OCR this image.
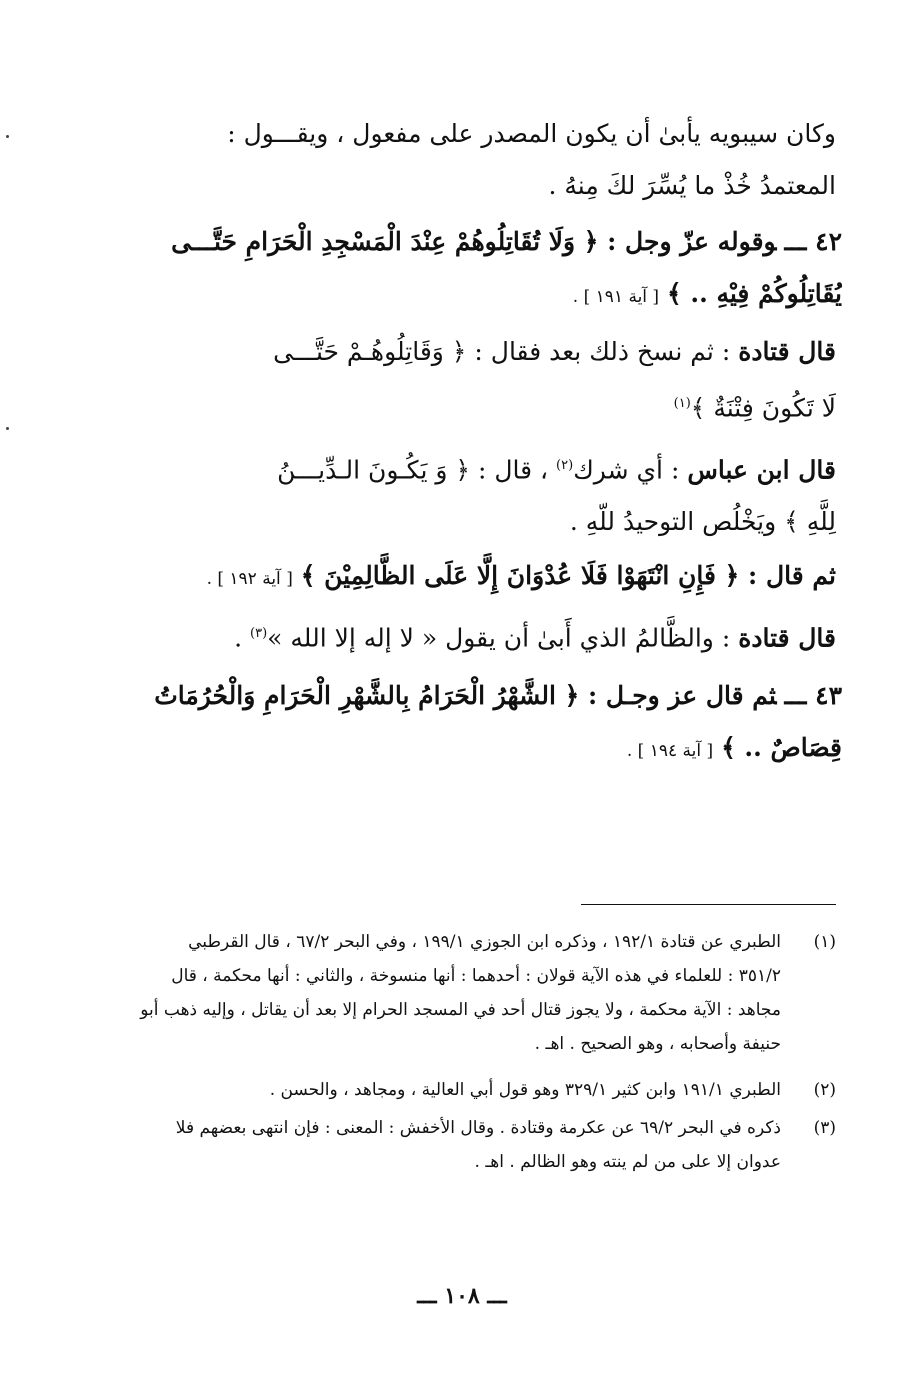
وكان سيبويه يأبىٰ أن يكون المصدر على مفعول ، ويقـــول :
المعتمدُ خُذْ ما يُسِّرَ لكَ مِنهُ .
٤٢ ـــوقوله عزّ وجل : ﴿ وَلَا تُقَاتِلُوهُمْ عِنْدَ الْمَسْجِدِ الْحَرَامِ حَتَّـــى
يُقَاتِلُوكُمْ فِيْهِ .. ﴾ [ آية ١٩١ ] .
قال قتادة : ثم نسخ ذلك بعد فقال : ﴿ وَقَاتِلُوهُـمْ حَتَّـــى
لَا تَكُونَ فِتْنَةٌ ﴾$^{(١)}$
قال ابن عباس : أي شرك$^{(٢)}$ ، قال : ﴿ وَ يَكُـونَ الـدِّيـــنُ
لِلَّهِ ﴾ ويَخْلُص التوحيدُ للّهِ .
ثم قال : ﴿ فَإِنِ انْتَهَوْا فَلَا عُدْوَانَ إِلَّا عَلَى الظَّالِمِيْنَ ﴾ [ آية ١٩٢ ] .
قال قتادة : والظَّالمُ الذي أَبىٰ أن يقول « لا إله إلا الله »$^{(٣)}$ .
٤٣ ـــثم قال عز وجـل : ﴿ الشَّهْرُ الْحَرَامُ بِالشَّهْرِ الْحَرَامِ وَالْحُرُمَاتُ
قِصَاصٌ .. ﴾ [ آية ١٩٤ ] .
(١)
الطبري عن قتادة ١٩٢/١ ، وذكره ابن الجوزي ١٩٩/١ ، وفي البحر ٦٧/٢ ، قال القرطبي
٣٥١/٢ : للعلماء في هذه الآية قولان : أحدهما : أنها منسوخة ، والثاني : أنها محكمة ، قال
مجاهد : الآية محكمة ، ولا يجوز قتال أحد في المسجد الحرام إلا بعد أن يقاتل ، وإليه ذهب أبو
حنيفة وأصحابه ، وهو الصحيح . اهـ .
(٢)
الطبري ١٩١/١ وابن كثير ٣٢٩/١ وهو قول أبي العالية ، ومجاهد ، والحسن .
(٣)
ذكره في البحر ٦٩/٢ عن عكرمة وقتادة . وقال الأخفش : المعنى : فإن انتهى بعضهم فلا
عدوان إلا على من لم ينته وهو الظالم . اهـ .
ـــ ١٠٨ ـــ
